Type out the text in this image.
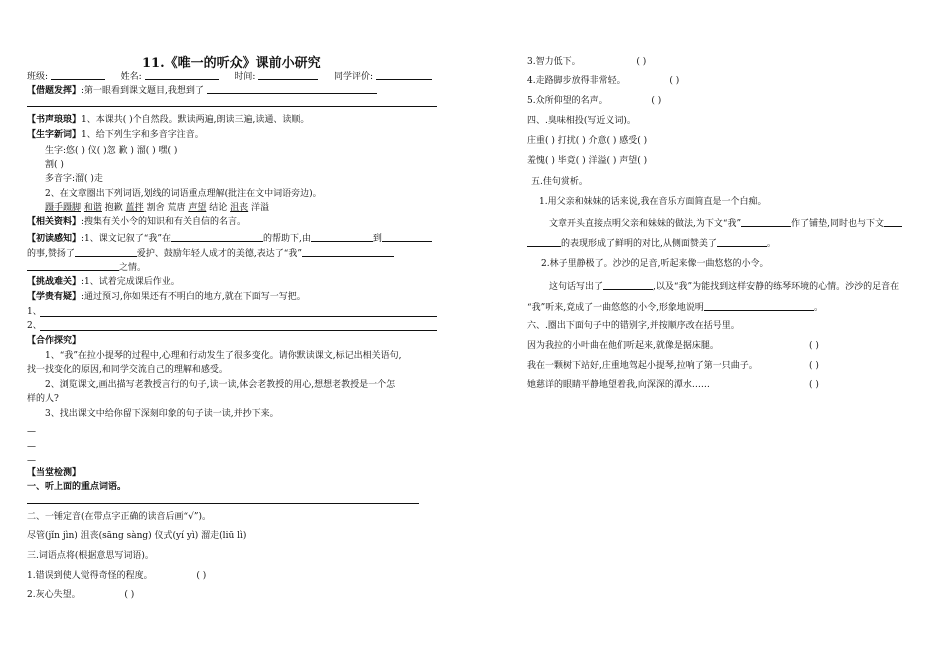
11.《唯一的听众》课前小研究
班级:	姓名:	时间:	同学评价:
【借题发挥】:第一眼看到课文题目,我想到了
【书声琅琅】1、本课共( )个自然段。默读两遍,朗读三遍,读通、读顺。
【生字新词】1、给下列生字和多音字注音。
生字:悠( ) 仪( )忽 歉 ) 溜( ) 嘿( )
割( )
多音字:溜( )走
2、在文章圈出下列词语,划线的词语重点理解(批注在文中词语旁边)。
蹑手蹑脚 和谐 抱歉 蓝拌 割舍 荒唐 声望 结论 沮丧 洋溢
【相关资料】:搜集有关小令的知识和有关自信的名言。
【初读感知】:1、课文记叙了“我”在	的帮助下,由	到
的事,赞扬了	爱护、鼓励年轻人成才的美德,表达了“我”
之情。
【挑战难关】:1、试着完成课后作业。
【学贵有疑】:通过预习,你如果还有不明白的地方,就在下面写一写把。
1、
2、
【合作探究】
1、“我”在拉小提琴的过程中,心理和行动发生了很多变化。请你默读课文,标记出相关语句,
找一找变化的原因,和同学交流自己的理解和感受。
2、浏览课文,画出描写老教授言行的句子,读一读,体会老教授的用心,想想老教授是一个怎
样的人?
3、找出课文中给你留下深刻印象的句子读一读,并抄下来。
—
—
—
【当堂检测】
一、听上面的重点词语。
二、一锤定音(在带点字正确的读音后画“√”)。
尽管(jǐn jìn) 沮丧(sāng sàng) 仪式(yí yì) 溜走(liū lì)
三.词语点将(根据意思写词语)。
1.错误到使人觉得奇怪的程度。	( )
2.灰心失望。	( )
3.智力低下。	( )
4.走路脚步放得非常轻。	( )
5.众所仰望的名声。	( )
四、.臭味相投(写近义词)。
庄重( ) 打扰( ) 介意( ) 感受( )
羞愧( ) 毕竟( ) 洋溢( ) 声望( )
五.佳句赏析。
1.用父亲和妹妹的话来说,我在音乐方面简直是一个白痴。
文章开头直接点明父亲和妹妹的做法,为下文“我”	作了铺垫,同时也与下文
的表现形成了鲜明的对比,从侧面赞美了	。
2.林子里静极了。沙沙的足音,听起来像一曲悠悠的小令。
这句话写出了	,以及“我”为能找到这样安静的练琴环境的心情。沙沙的足音在
“我”听来,竟成了一曲悠悠的小令,形象地说明	。
六、.圈出下面句子中的错别字,并按顺序改在括号里。
因为我拉的小叶曲在他们听起来,就像是据床腿。	( )
我在一颗树下站好,庄重地驾起小提琴,拉响了第一只曲子。	( )
她慈详的眼睛平静地望着我,向深深的潭水……	( )
